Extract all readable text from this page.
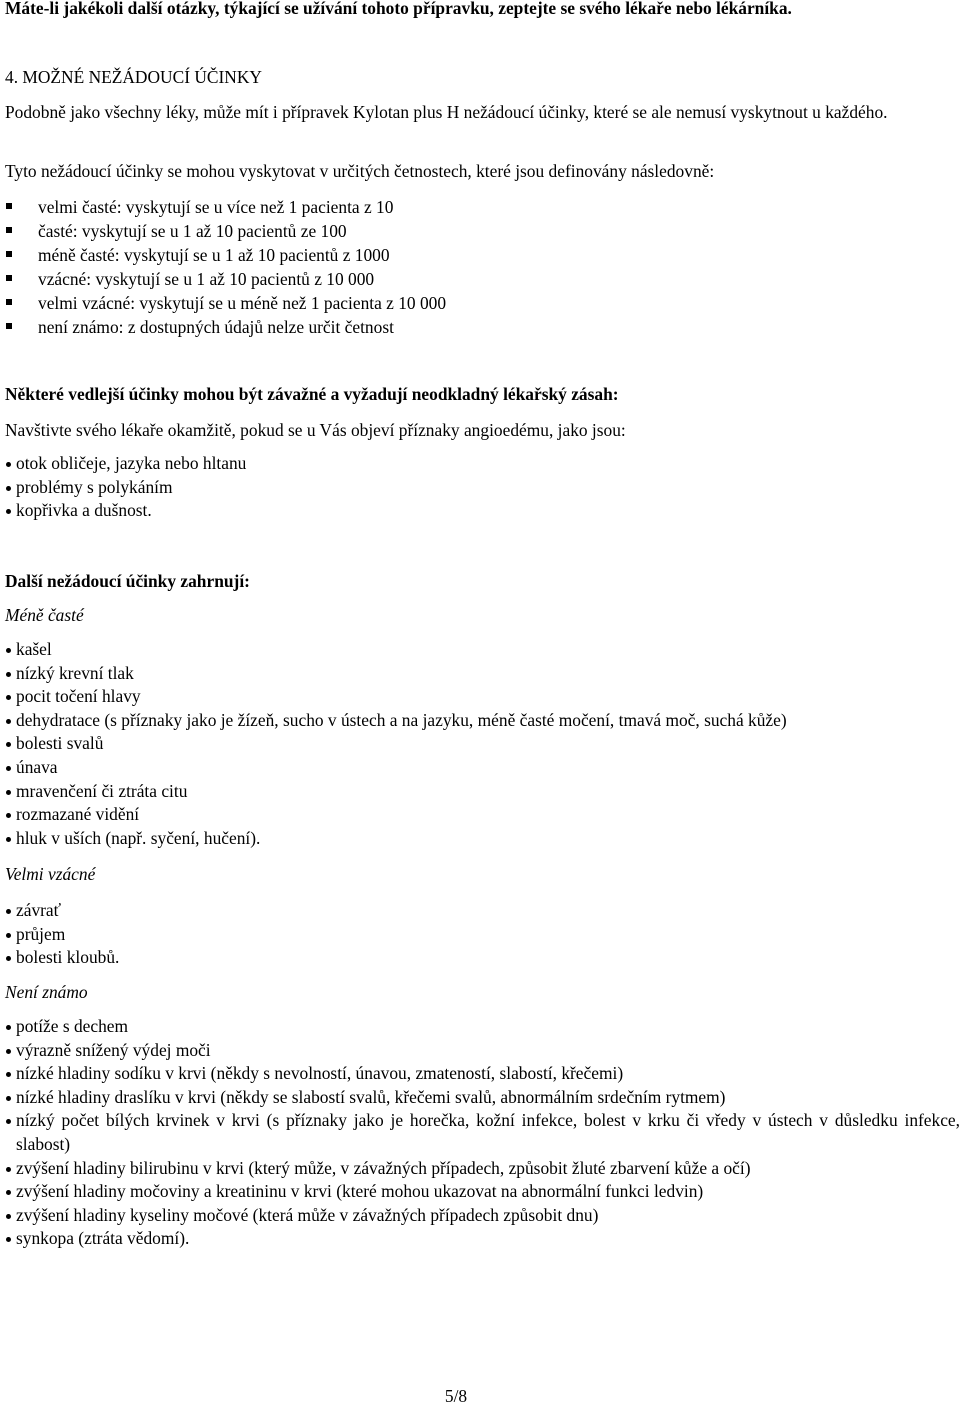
Máte-li jakékoli další otázky, týkající se užívání tohoto přípravku, zeptejte se svého lékaře nebo lékárníka.
4. MOŽNÉ NEŽÁDOUCÍ ÚČINKY
Podobně jako všechny léky, může mít i přípravek Kylotan plus H nežádoucí účinky, které se ale nemusí vyskytnout u každého.
Tyto nežádoucí účinky se mohou vyskytovat v určitých četnostech, které jsou definovány následovně:
velmi časté: vyskytují se u více než 1 pacienta z 10
časté: vyskytují se u 1 až 10 pacientů ze 100
méně časté: vyskytují se u 1 až 10 pacientů z 1000
vzácné: vyskytují se u 1 až 10 pacientů z 10 000
velmi vzácné: vyskytují se u méně než 1 pacienta z 10 000
není známo: z dostupných údajů nelze určit četnost
Některé vedlejší účinky mohou být závažné a vyžadují neodkladný lékařský zásah:
Navštivte svého lékaře okamžitě, pokud se u Vás objeví příznaky angioedému, jako jsou:
otok obličeje, jazyka nebo hltanu
problémy s polykáním
kopřivka a dušnost.
Další nežádoucí účinky zahrnují:
Méně časté
kašel
nízký krevní tlak
pocit točení hlavy
dehydratace (s příznaky jako je žízeň, sucho v ústech a na jazyku, méně časté močení, tmavá moč, suchá kůže)
bolesti svalů
únava
mravenčení či ztráta citu
rozmazané vidění
hluk v uších (např. syčení, hučení).
Velmi vzácné
závrať
průjem
bolesti kloubů.
Není známo
potíže s dechem
výrazně snížený výdej moči
nízké hladiny sodíku v krvi (někdy s nevolností, únavou, zmateností, slabostí, křečemi)
nízké hladiny draslíku v krvi (někdy se slabostí svalů, křečemi svalů, abnormálním srdečním rytmem)
nízký počet bílých krvinek v krvi (s příznaky jako je horečka, kožní infekce, bolest v krku či vředy v ústech v důsledku infekce, slabost)
zvýšení hladiny bilirubinu v krvi (který může, v závažných případech, způsobit žluté zbarvení kůže a očí)
zvýšení hladiny močoviny a kreatininu v krvi (které mohou ukazovat na abnormální funkci ledvin)
zvýšení hladiny kyseliny močové (která může v závažných případech způsobit dnu)
synkopa (ztráta vědomí).
5/8
